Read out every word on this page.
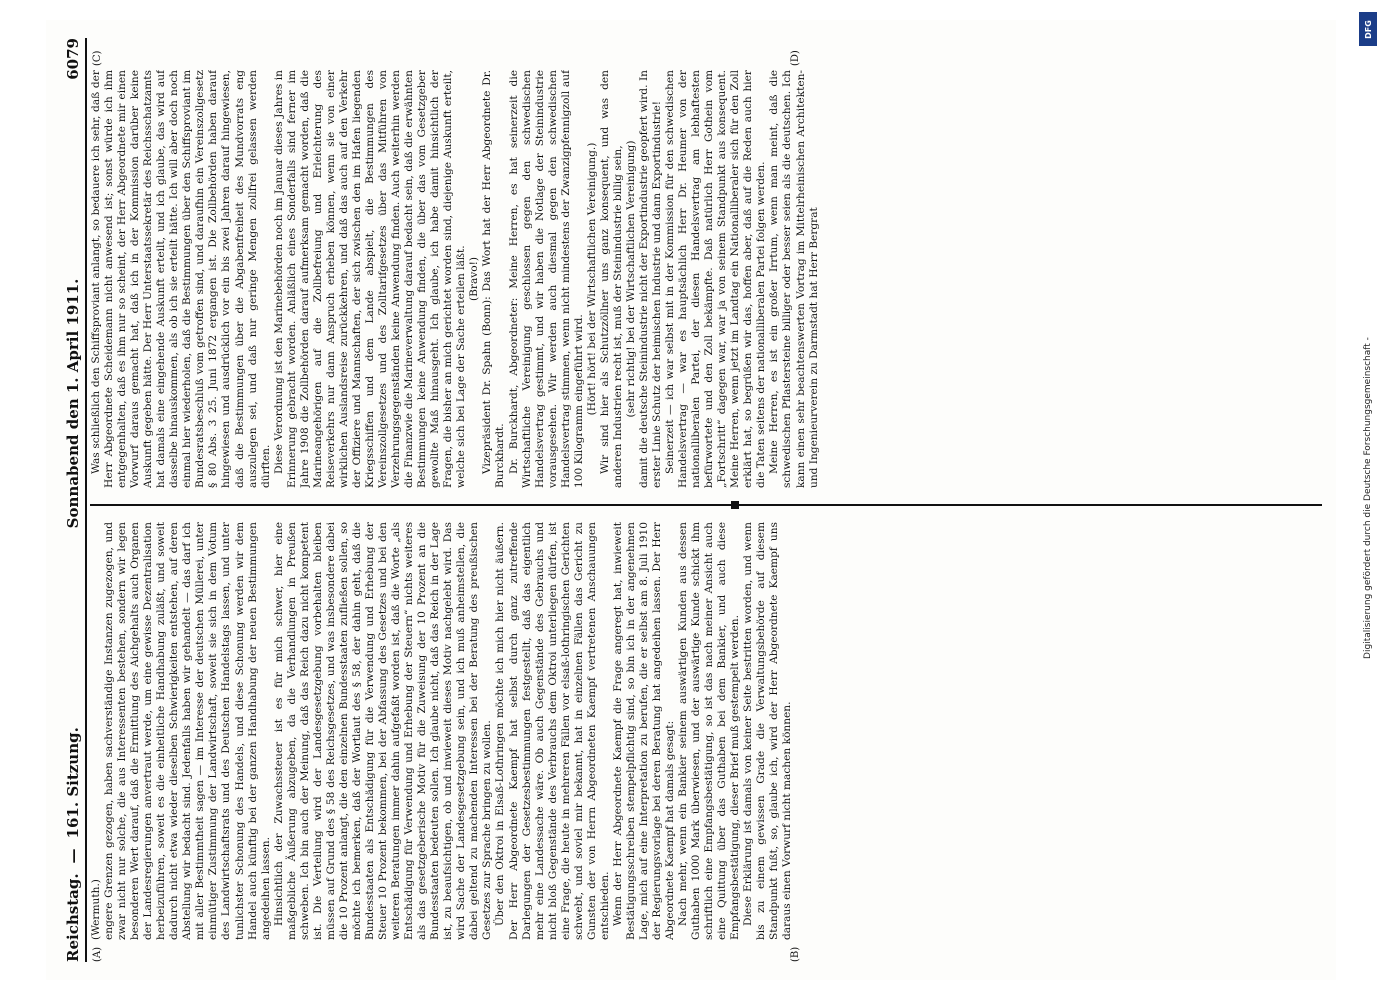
Reichstag.
—
161. Sitzung.
Sonnabend den 1. April 1911.
6079
(A)	(B)
(C)	(D)

(Wermuth.) engere Grenzen gezogen, haben sachverständige Instanzen zugezogen, und zwar nicht nur solche, die aus Interessenten bestehen, sondern wir legen besonderen Wert darauf, daß die Ermittlung des Aichgehalts auch Organen der Landesregierungen anvertraut werde, um eine gewisse Dezentralisation herbeizuführen, soweit es die einheitliche Handhabung zuläßt, und soweit dadurch nicht etwa wieder dieselben Schwierigkeiten entstehen, auf deren Abstellung wir bedacht sind. Jedenfalls haben wir gehandelt — das darf ich mit aller Bestimmtheit sagen — im Interesse der deutschen Müllerei, unter einmütiger Zustimmung der Landwirtschaft, soweit sie sich in dem Votum des Landwirtschaftsrats und des Deutschen Handelstags lassen, und unter tunlichster Schonung des Handels, und diese Schonung werden wir dem Handel auch künftig bei der ganzen Handhabung der neuen Bestimmungen angedeihen lassen. Hinsichtlich der Zuwachssteuer ist es für mich schwer, hier eine maßgebliche Äußerung abzugeben, da die Verhandlungen in Preußen schweben. Ich bin auch der Meinung, daß das Reich dazu nicht kompetent ist. Die Verteilung wird der Landesgesetzgebung vorbehalten bleiben müssen auf Grund des § 58 des Reichsgesetzes, und was insbesondere dabei die 10 Prozent anlangt, die den einzelnen Bundesstaaten zufließen sollen, so möchte ich bemerken, daß der Wortlaut des § 58, der dahin geht, daß die Bundesstaaten als Entschädigung für die Verwendung und Erhebung der Steuer 10 Prozent bekommen, bei der Abfassung des Gesetzes und bei den weiteren Beratungen immer dahin aufgefaßt worden ist, daß die Worte „als Entschädigung für Verwendung und Erhebung der Steuern“ nichts weiteres als das gesetzgeberische Motiv für die Zuweisung der 10 Prozent an die Bundesstaaten bedeuten sollen. Ich glaube nicht, daß das Reich in der Lage ist, zu beaufsichtigen, ob und inwieweit dieses Motiv nachgelebt wird. Das wird Sache der Landesgesetzgebung sein, und ich muß anheimstellen, die dabei geltend zu machenden Interessen bei der Beratung des preußischen Gesetzes zur Sprache bringen zu wollen. Über den Oktroi in Elsaß-Lothringen möchte ich mich hier nicht äußern. Der Herr Abgeordnete Kaempf hat selbst durch ganz zutreffende Darlegungen der Gesetzesbestimmungen festgestellt, daß das eigentlich mehr eine Landessache wäre. Ob auch Gegenstände des Gebrauchs und nicht bloß Gegenstände des Verbrauchs dem Oktroi unterliegen dürfen, ist eine Frage, die heute in mehreren Fällen vor elsaß-lothringischen Gerichten schwebt, und soviel mir bekannt, hat in einzelnen Fällen das Gericht zu Gunsten der von Herrn Abgeordneten Kaempf vertretenen Anschauungen entschieden. Wenn der Herr Abgeordnete Kaempf die Frage angeregt hat, inwieweit Bestätigungsschreiben stempelpflichtig sind, so bin ich in der angenehmen Lage, mich auf eine Interpretation zu berufen, die er selbst am 8. Juli 1910 der Regierungsvorlage bei deren Beratung hat angedeihen lassen. Der Herr Abgeordnete Kaempf hat damals gesagt: Nach mehr, wenn ein Bankier seinem auswärtigen Kunden aus dessen Guthaben 1000 Mark überwiesen, und der auswärtige Kunde schickt ihm schriftlich eine Empfangsbestätigung, so ist das nach meiner Ansicht auch eine Quittung über das Guthaben bei dem Bankier, und auch diese Empfangsbestätigung, dieser Brief muß gestempelt werden. Diese Erklärung ist damals von keiner Seite bestritten worden, und wenn bis zu einem gewissen Grade die Verwaltungsbehörde auf diesem Standpunkt fußt, so, glaube ich, wird der Herr Abgeordnete Kaempf uns daraus einen Vorwurf nicht machen können.

Was schließlich den Schiffsproviant anlangt, so bedauere ich sehr, daß der Herr Abgeordnete Scheidemann nicht anwesend ist; sonst würde ich ihm entgegenhalten, daß es ihm nur so scheint, der Herr Abgeordnete mir einen Vorwurf daraus gemacht hat, daß ich in der Kommission darüber keine Auskunft gegeben hätte. Der Herr Unterstaatssekretär des Reichsschatzamts hat damals eine eingehende Auskunft erteilt, und ich glaube, das wird auf dasselbe hinauskommen, als ob ich sie erteilt hätte. Ich will aber doch noch einmal hier wiederholen, daß die Bestimmungen über den Schiffsproviant im Bundesratsbeschluß vom getroffen sind, und daraufhin ein Vereinszollgesetz § 80 Abs. 3 25. Juni 1872 ergangen ist. Die Zollbehörden haben darauf hingewiesen und ausdrücklich vor ein bis zwei Jahren darauf hingewiesen, daß die Bestimmungen über die Abgabenfreiheit des Mundvorrats eng auszulegen sei, und daß nur geringe Mengen zollfrei gelassen werden dürften. Diese Verordnung ist den Marinebehörden noch im Januar dieses Jahres in Erinnerung gebracht worden. Anläßlich eines Sonderfalls sind ferner im Jahre 1908 die Zollbehörden darauf aufmerksam gemacht worden, daß die Marineangehörigen auf die Zollbefreiung und Erleichterung des Reiseverkehrs nur dann Anspruch erheben können, wenn sie von einer wirklichen Auslandsreise zurückkehren, und daß das auch auf den Verkehr der Offiziere und Mannschaften, der sich zwischen den im Hafen liegenden Kriegsschiffen und dem Lande abspielt, die Bestimmungen des Vereinszollgesetzes und des Zolltarifgesetzes über das Mitführen von Verzehrungsgegenständen keine Anwendung finden. Auch weiterhin werden die Finanzwie die Marineverwaltung darauf bedacht sein, daß die erwähnten Bestimmungen keine Anwendung finden, die über das vom Gesetzgeber gewollte Maß hinausgeht. Ich glaube, ich habe damit hinsichtlich der Fragen, die bisher an mich gerichtet worden sind, diejenige Auskunft erteilt, welche sich bei Lage der Sache erteilen läßt. (Bravo!) Vizepräsident Dr. Spahn (Bonn): Das Wort hat der Herr Abgeordnete Dr. Burckhardt. Dr. Burckhardt, Abgeordneter: Meine Herren, es hat seinerzeit die Wirtschaftliche Vereinigung geschlossen gegen den schwedischen Handelsvertrag gestimmt, und wir haben die Notlage der Steinindustrie vorausgesehen. Wir werden auch diesmal gegen den schwedischen Handelsvertrag stimmen, wenn nicht mindestens der Zwanzigpfennigzoll auf 100 Kilogramm eingeführt wird. (Hört! hört! bei der Wirtschaftlichen Vereinigung.) Wir sind hier als Schutzzöllner uns ganz konsequent, und was den anderen Industrien recht ist, muß der Steinindustrie billig sein, (sehr richtig! bei der Wirtschaftlichen Vereinigung) damit die deutsche Steinindustrie nicht der Exportindustrie geopfert wird. In erster Linie Schutz der heimischen Industrie und dann Exportindustrie! Seinerzeit — ich war selbst mit in der Kommission für den schwedischen Handelsvertrag — war es hauptsächlich Herr Dr. Heumer von der nationalliberalen Partei, der diesen Handelsvertrag am lebhaftesten befürwortete und den Zoll bekämpfte. Daß natürlich Herr Gothein vom „Fortschritt“ dagegen war, war ja von seinem Standpunkt aus konsequent. Meine Herren, wenn jetzt im Landtag ein Nationalliberaler sich für den Zoll erklärt hat, so begrüßen wir das, hoffen aber, daß auf die Reden auch hier die Taten seitens der nationalliberalen Partei folgen werden. Meine Herren, es ist ein großer Irrtum, wenn man meint, daß die schwedischen Pflastersteine billiger oder besser seien als die deutschen. Ich kann einen sehr beachtenswerten Vortrag im Mittelrheinischen Architekten- und Ingenieurverein zu Darmstadt hat Herr Bergrat

DFG
Digitalisierung gefördert durch die Deutsche Forschungsgemeinschaft -
